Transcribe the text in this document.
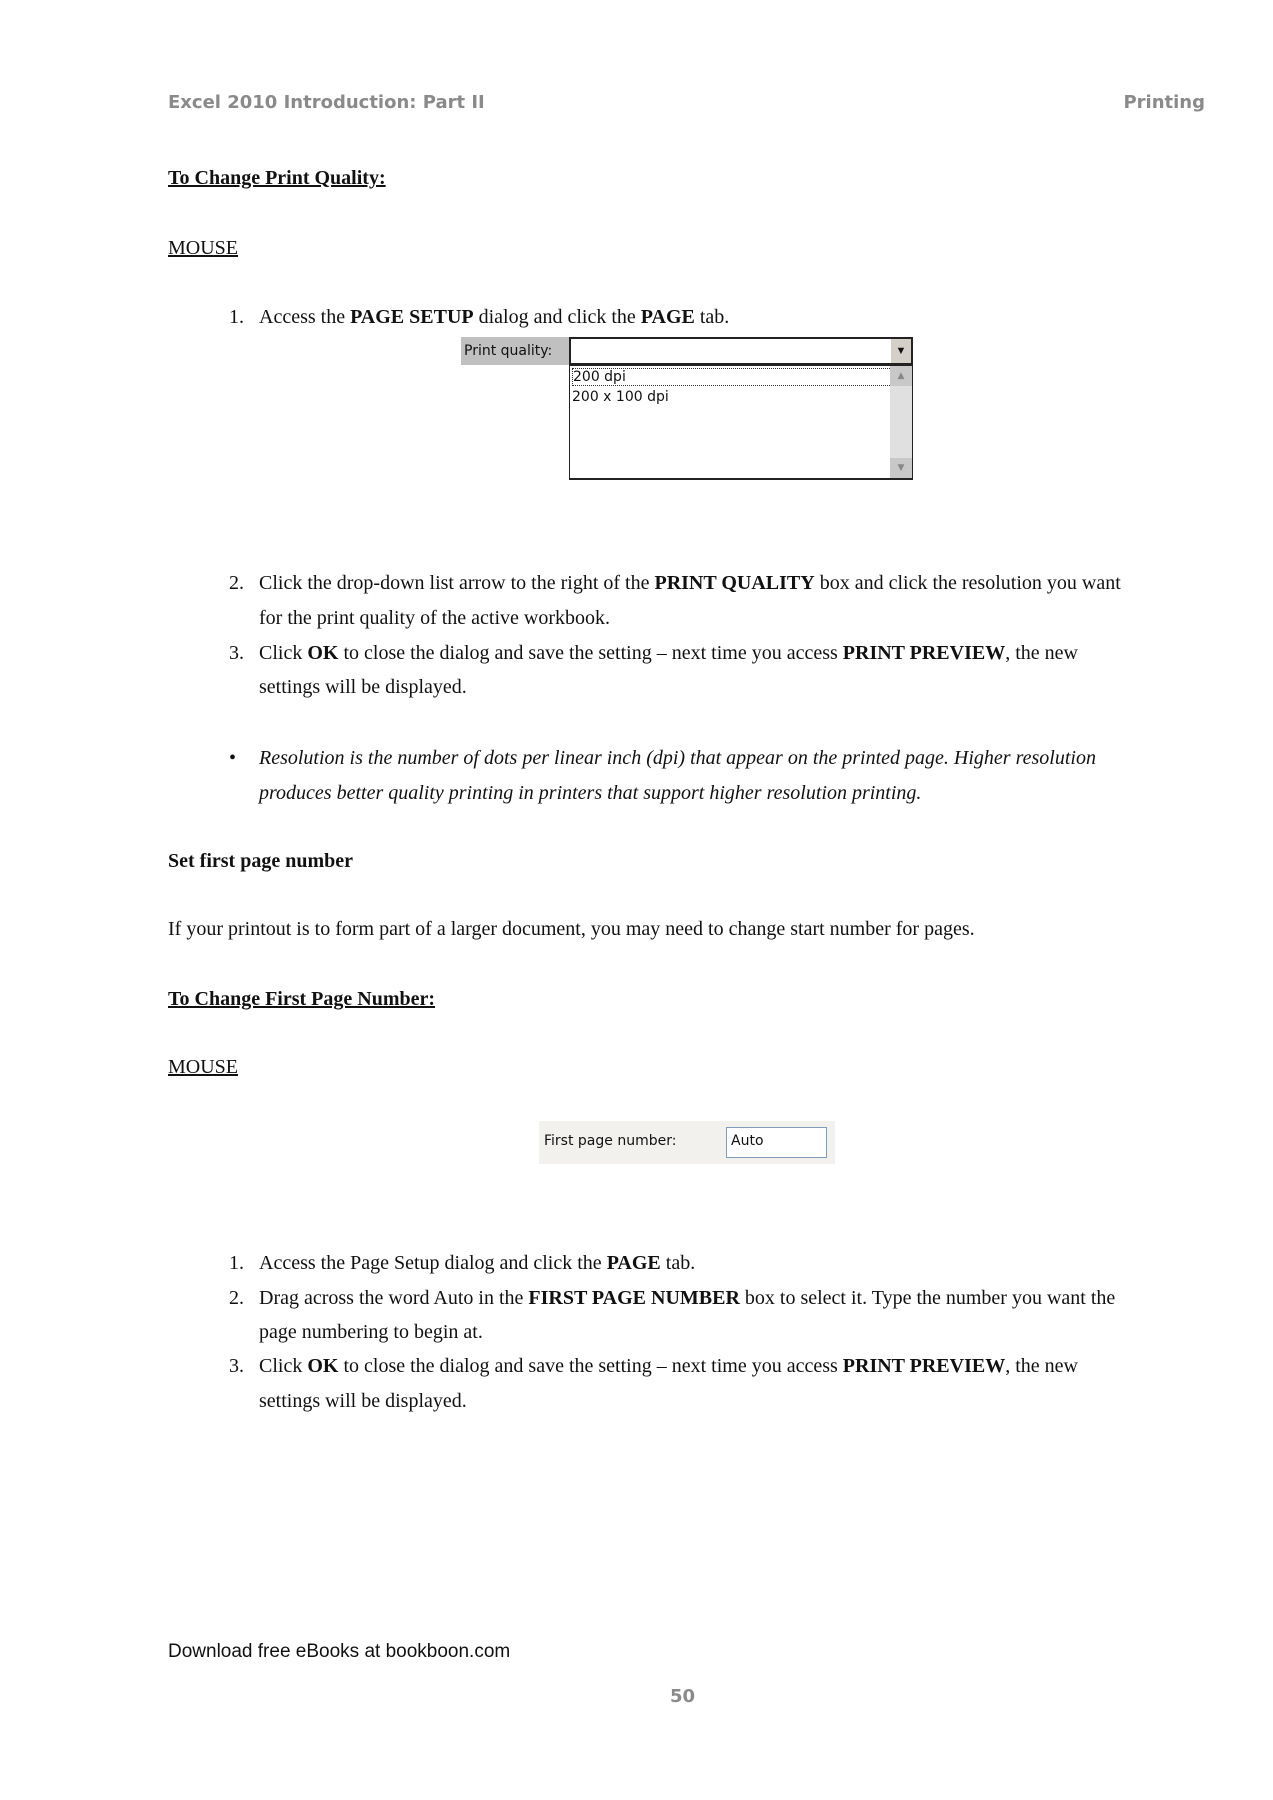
Excel 2010 Introduction: Part II	Printing
To Change Print Quality:
MOUSE
1. Access the PAGE SETUP dialog and click the PAGE tab.
Print quality:	▼
200 dpi
200 x 100 dpi
▲
▼
2. Click the drop-down list arrow to the right of the PRINT QUALITY box and click the resolution you want
for the print quality of the active workbook.
3. Click OK to close the dialog and save the setting – next time you access PRINT PREVIEW, the new
settings will be displayed.
• Resolution is the number of dots per linear inch (dpi) that appear on the printed page. Higher resolution
produces better quality printing in printers that support higher resolution printing.
Set first page number
If your printout is to form part of a larger document, you may need to change start number for pages.
To Change First Page Number:
MOUSE
First page number:	Auto
1. Access the Page Setup dialog and click the PAGE tab.
2. Drag across the word Auto in the FIRST PAGE NUMBER box to select it. Type the number you want the
page numbering to begin at.
3. Click OK to close the dialog and save the setting – next time you access PRINT PREVIEW, the new
settings will be displayed.
Download free eBooks at bookboon.com
50
